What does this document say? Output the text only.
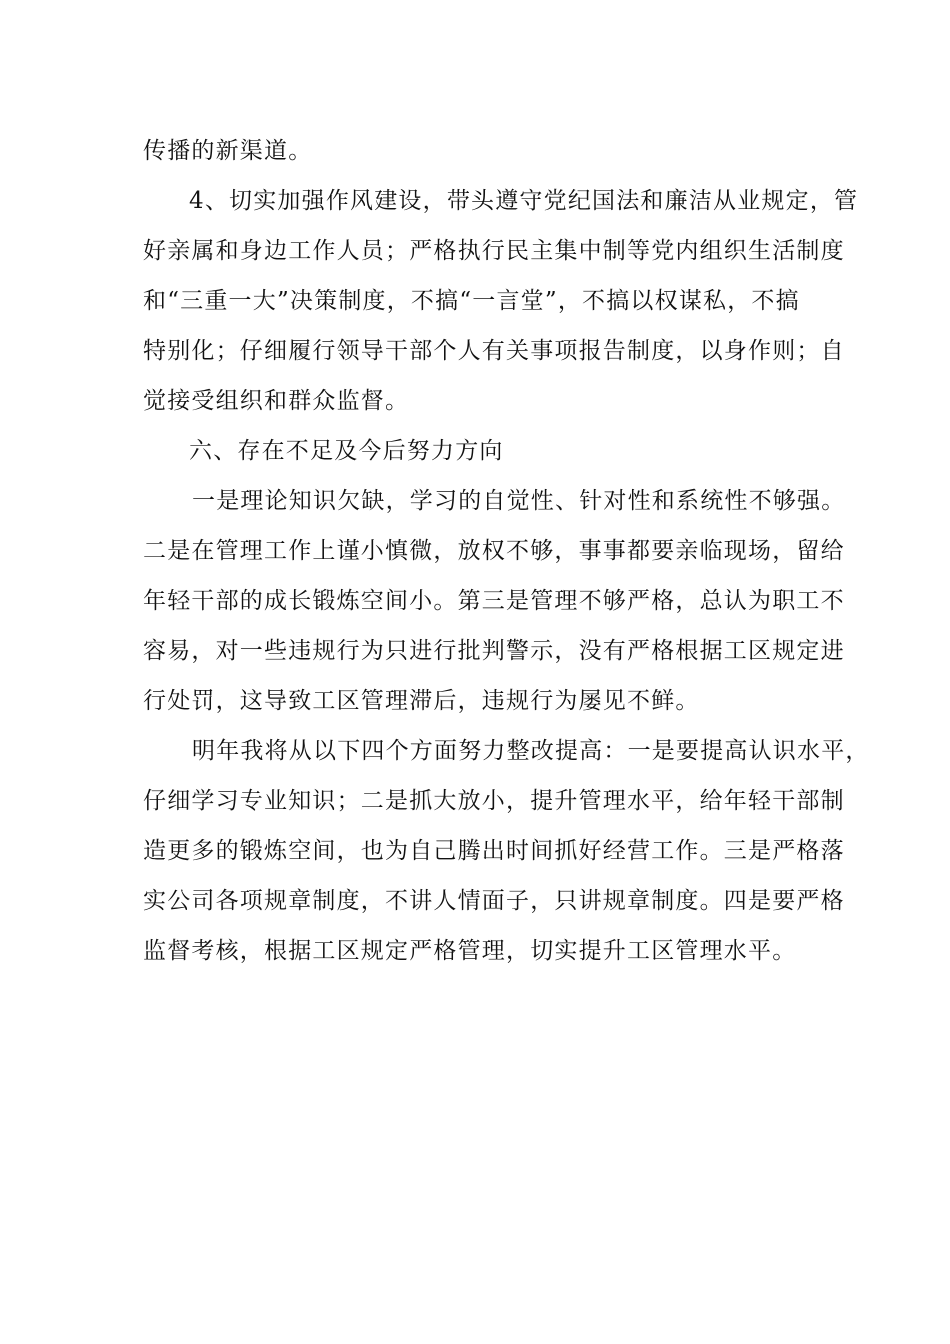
传播的新渠道。
4、切实加强作风建设，带头遵守党纪国法和廉洁从业规定，管
好亲属和身边工作人员；严格执行民主集中制等党内组织生活制度
和“三重一大”决策制度，不搞“一言堂”，不搞以权谋私，不搞
特别化；仔细履行领导干部个人有关事项报告制度，以身作则；自
觉接受组织和群众监督。
六、存在不足及今后努力方向
一是理论知识欠缺，学习的自觉性、针对性和系统性不够强。
二是在管理工作上谨小慎微，放权不够，事事都要亲临现场，留给
年轻干部的成长锻炼空间小。第三是管理不够严格，总认为职工不
容易，对一些违规行为只进行批判警示，没有严格根据工区规定进
行处罚，这导致工区管理滞后，违规行为屡见不鲜。
明年我将从以下四个方面努力整改提高：一是要提高认识水平，
仔细学习专业知识；二是抓大放小，提升管理水平，给年轻干部制
造更多的锻炼空间，也为自己腾出时间抓好经营工作。三是严格落
实公司各项规章制度，不讲人情面子，只讲规章制度。四是要严格
监督考核，根据工区规定严格管理，切实提升工区管理水平。
